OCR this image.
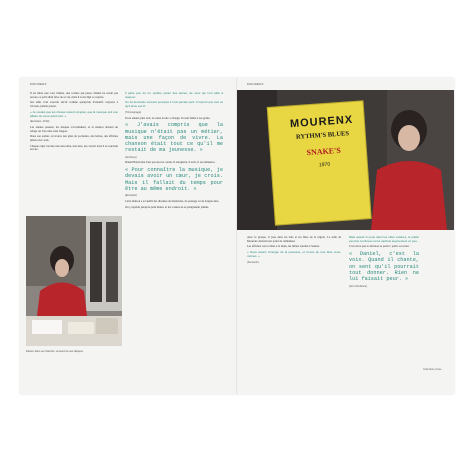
MOURENX

Il est midi, une cour d'usine, une voiture qui passe. Daniel ne savait pas encore ce qu'il allait faire de sa vie, mais il avait déjà ce sourire.

Ses amis l'ont souvent décrit comme quelqu'un d'attentif, toujours à l'écoute, jamais pressé.

« Je voulais que les choses restent simples, que la musique soit une affaire de cœur avant tout. »

(Entretien, 2010)

Les années passent, les disques s'accumulent, et la maison devient un refuge où l'on entre sans frapper.

Dans son atelier, on trouve des piles de pochettes, des lettres, des affiches pliées avec soin.

Chaque objet raconte une rencontre, une date, un concert dont il se souvient encore.

Il parle peu de lui, préfère parler des autres, de ceux qui l'ont aidé à avancer.

On lui demande souvent pourquoi il n'est jamais parti. Il répond que tout ce qu'il aime est ici.

(Témoignage)

Trois années plus tard, la scène locale a changé. Il reste fidèle à ses goûts.

« J'avais compris que la musique n'était pas un métier, mais une façon de vivre. La chanson était tout ce qu'il me restait de ma jeunesse. »

(Archives)

Daniel Balavoine n'est pas encore connu. Il enregistre, il écrit, il recommence.

« Pour connaître la musique, je devais avoir un cœur, je crois. Mais il fallait du temps pour être au même endroit. »

(Entretien)

Cette maison a accueilli des dizaines de musiciens, de passage ou de longue date.

On y répétait jusqu'au petit matin, et les voisins ne se plaignaient jamais.

Daniel, dans sa chambre, entouré de ses disques.
MOURENX
MOURENX
RYTHM'S BLUES
SNAKE'S
1970

Avec le groupe, il joue dans les bals et les fêtes de la région. La salle de Mourenx devient leur point de ralliement.

Les affiches sont collées à la main, les billets vendus à l'entrée.

« Nous avions l'énergie de la jeunesse, et l'envie de tout faire nous-mêmes. »

(Souvenir)

Mais quand on joue dans les villes voisines, le public est plus nombreux et les cachets augmentent un peu.

C'est alors que la décision se prend : partir ou rester.

« Daniel, c'est la voix. Quand il chante, on sent qu'il pourrait tout donner. Rien ne lui faisait peur. »

(Ami d'enfance)

Collection privée
